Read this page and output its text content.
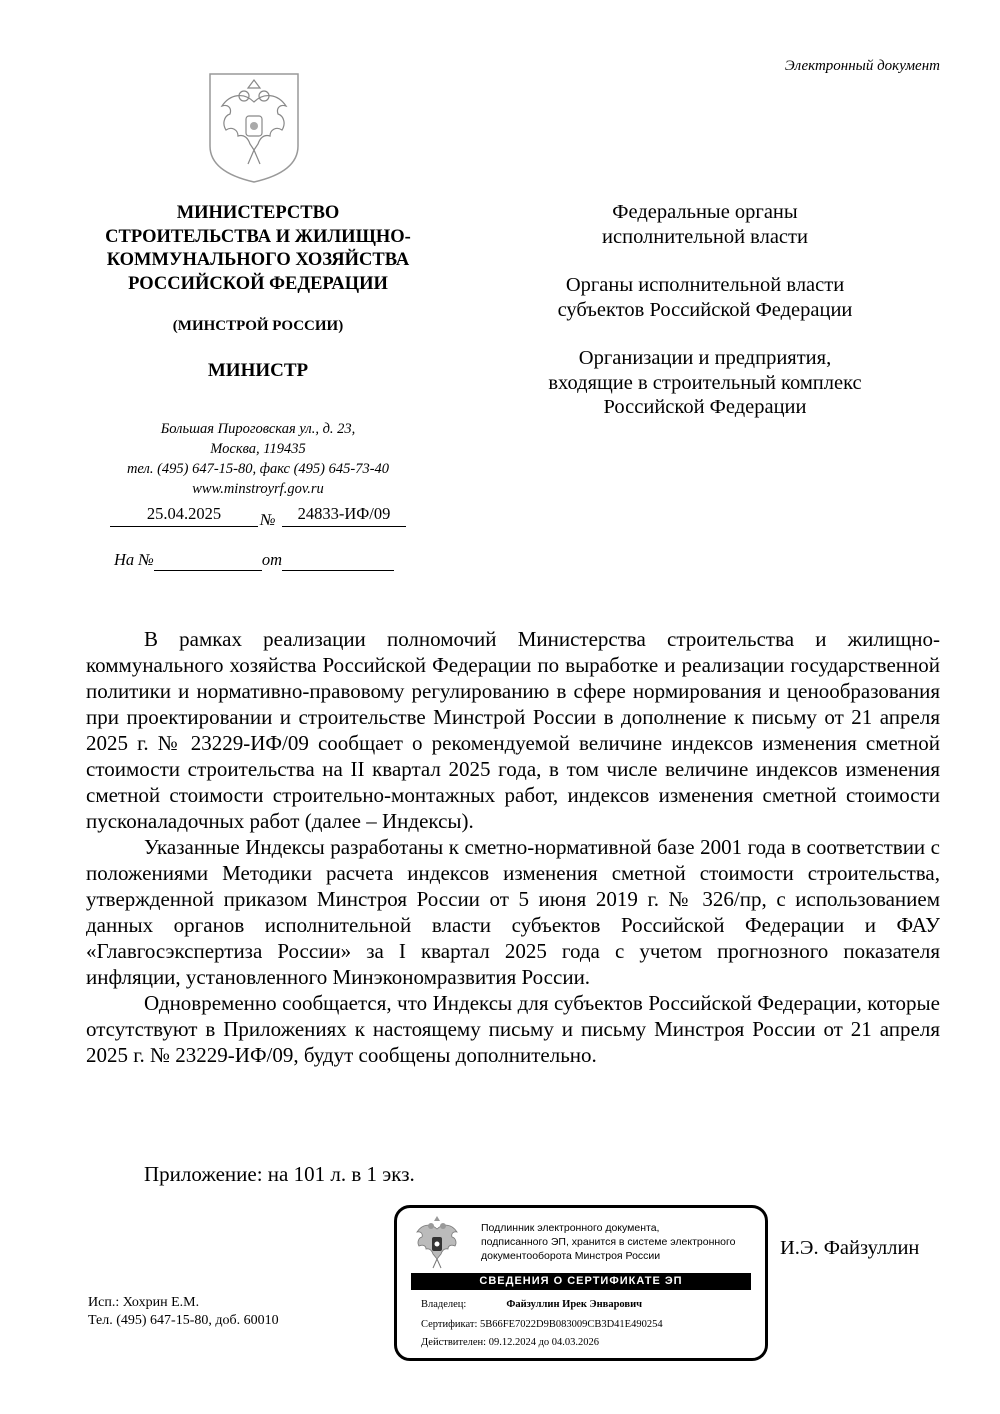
Электронный документ
МИНИСТЕРСТВО
СТРОИТЕЛЬСТВА И ЖИЛИЩНО-
КОММУНАЛЬНОГО ХОЗЯЙСТВА
РОССИЙСКОЙ ФЕДЕРАЦИИ
(МИНСТРОЙ РОССИИ)
МИНИСТР
Большая Пироговская ул., д. 23,
Москва, 119435
тел. (495) 647-15-80, факс (495) 645-73-40
www.minstroyrf.gov.ru
25.04.2025	№	24833-ИФ/09
На №	от

Федеральные органы
исполнительной власти

Органы исполнительной власти
субъектов Российской Федерации

Организации и предприятия,
входящие в строительный комплекс
Российской Федерации

В рамках реализации полномочий Министерства строительства и жилищно-коммунального хозяйства Российской Федерации по выработке и реализации государственной политики и нормативно-правовому регулированию в сфере нормирования и ценообразования при проектировании и строительстве Минстрой России в дополнение к письму от 21 апреля 2025 г. № 23229-ИФ/09 сообщает о рекомендуемой величине индексов изменения сметной стоимости строительства на II квартал 2025 года, в том числе величине индексов изменения сметной стоимости строительно-монтажных работ, индексов изменения сметной стоимости пусконаладочных работ (далее – Индексы).

Указанные Индексы разработаны к сметно-нормативной базе 2001 года в соответствии с положениями Методики расчета индексов изменения сметной стоимости строительства, утвержденной приказом Минстроя России от 5 июня 2019 г. № 326/пр, с использованием данных органов исполнительной власти субъектов Российской Федерации и ФАУ «Главгосэкспертиза России» за I квартал 2025 года с учетом прогнозного показателя инфляции, установленного Минэкономразвития России.

Одновременно сообщается, что Индексы для субъектов Российской Федерации, которые отсутствуют в Приложениях к настоящему письму и письму Минстроя России от 21 апреля 2025 г. № 23229-ИФ/09, будут сообщены дополнительно.

Приложение: на 101 л. в 1 экз.
Подлинник электронного документа,
подписанного ЭП, хранится в системе электронного
документооборота Минстроя России
СВЕДЕНИЯ О СЕРТИФИКАТЕ ЭП
Владелец:	Файзуллин Ирек Энварович
Сертификат: 5B66FE7022D9B083009CB3D41E490254
Действителен: 09.12.2024 до 04.03.2026
И.Э. Файзуллин
Исп.: Хохрин Е.М.
Тел. (495) 647-15-80, доб. 60010
